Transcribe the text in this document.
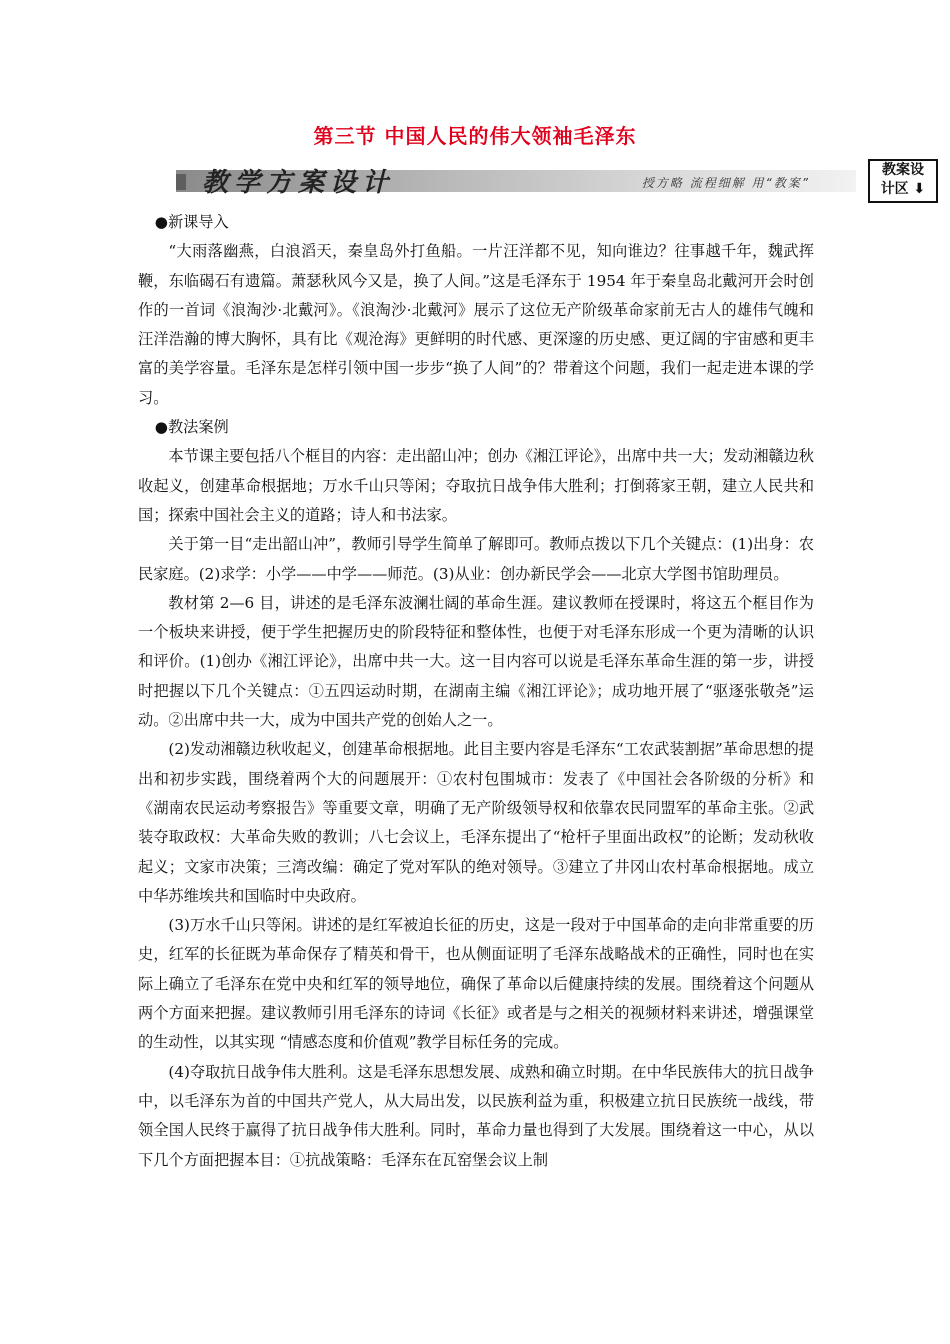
第三节 中国人民的伟大领袖毛泽东
教学方案设计	授方略 流程细解 用“教案”
教案设
计区 ⬇

●新课导入

“大雨落幽燕，白浪滔天，秦皇岛外打鱼船。一片汪洋都不见，知向谁边？往事越千年，魏武挥鞭，东临碣石有遗篇。萧瑟秋风今又是，换了人间。”这是毛泽东于 1954 年于秦皇岛北戴河开会时创作的一首词《浪淘沙·北戴河》。《浪淘沙·北戴河》展示了这位无产阶级革命家前无古人的雄伟气魄和汪洋浩瀚的博大胸怀，具有比《观沧海》更鲜明的时代感、更深邃的历史感、更辽阔的宇宙感和更丰富的美学容量。毛泽东是怎样引领中国一步步“换了人间”的？带着这个问题，我们一起走进本课的学习。

●教法案例

本节课主要包括八个框目的内容：走出韶山冲；创办《湘江评论》，出席中共一大；发动湘赣边秋收起义，创建革命根据地；万水千山只等闲；夺取抗日战争伟大胜利；打倒蒋家王朝，建立人民共和国；探索中国社会主义的道路；诗人和书法家。

关于第一目“走出韶山冲”，教师引导学生简单了解即可。教师点拨以下几个关键点：(1)出身：农民家庭。(2)求学：小学——中学——师范。(3)从业：创办新民学会——北京大学图书馆助理员。

教材第 2—6 目，讲述的是毛泽东波澜壮阔的革命生涯。建议教师在授课时，将这五个框目作为一个板块来讲授，便于学生把握历史的阶段特征和整体性，也便于对毛泽东形成一个更为清晰的认识和评价。(1)创办《湘江评论》，出席中共一大。这一目内容可以说是毛泽东革命生涯的第一步，讲授时把握以下几个关键点：①五四运动时期，在湖南主编《湘江评论》；成功地开展了“驱逐张敬尧”运动。②出席中共一大，成为中国共产党的创始人之一。

(2)发动湘赣边秋收起义，创建革命根据地。此目主要内容是毛泽东“工农武装割据”革命思想的提出和初步实践，围绕着两个大的问题展开：①农村包围城市：发表了《中国社会各阶级的分析》和《湖南农民运动考察报告》等重要文章，明确了无产阶级领导权和依靠农民同盟军的革命主张。②武装夺取政权：大革命失败的教训；八七会议上，毛泽东提出了“枪杆子里面出政权”的论断；发动秋收起义；文家市决策；三湾改编：确定了党对军队的绝对领导。③建立了井冈山农村革命根据地。成立中华苏维埃共和国临时中央政府。

(3)万水千山只等闲。讲述的是红军被迫长征的历史，这是一段对于中国革命的走向非常重要的历史，红军的长征既为革命保存了精英和骨干，也从侧面证明了毛泽东战略战术的正确性，同时也在实际上确立了毛泽东在党中央和红军的领导地位，确保了革命以后健康持续的发展。围绕着这个问题从两个方面来把握。建议教师引用毛泽东的诗词《长征》或者是与之相关的视频材料来讲述，增强课堂的生动性，以其实现 “情感态度和价值观”教学目标任务的完成。

(4)夺取抗日战争伟大胜利。这是毛泽东思想发展、成熟和确立时期。在中华民族伟大的抗日战争中，以毛泽东为首的中国共产党人，从大局出发，以民族利益为重，积极建立抗日民族统一战线，带领全国人民终于赢得了抗日战争伟大胜利。同时，革命力量也得到了大发展。围绕着这一中心，从以下几个方面把握本目：①抗战策略：毛泽东在瓦窑堡会议上制
